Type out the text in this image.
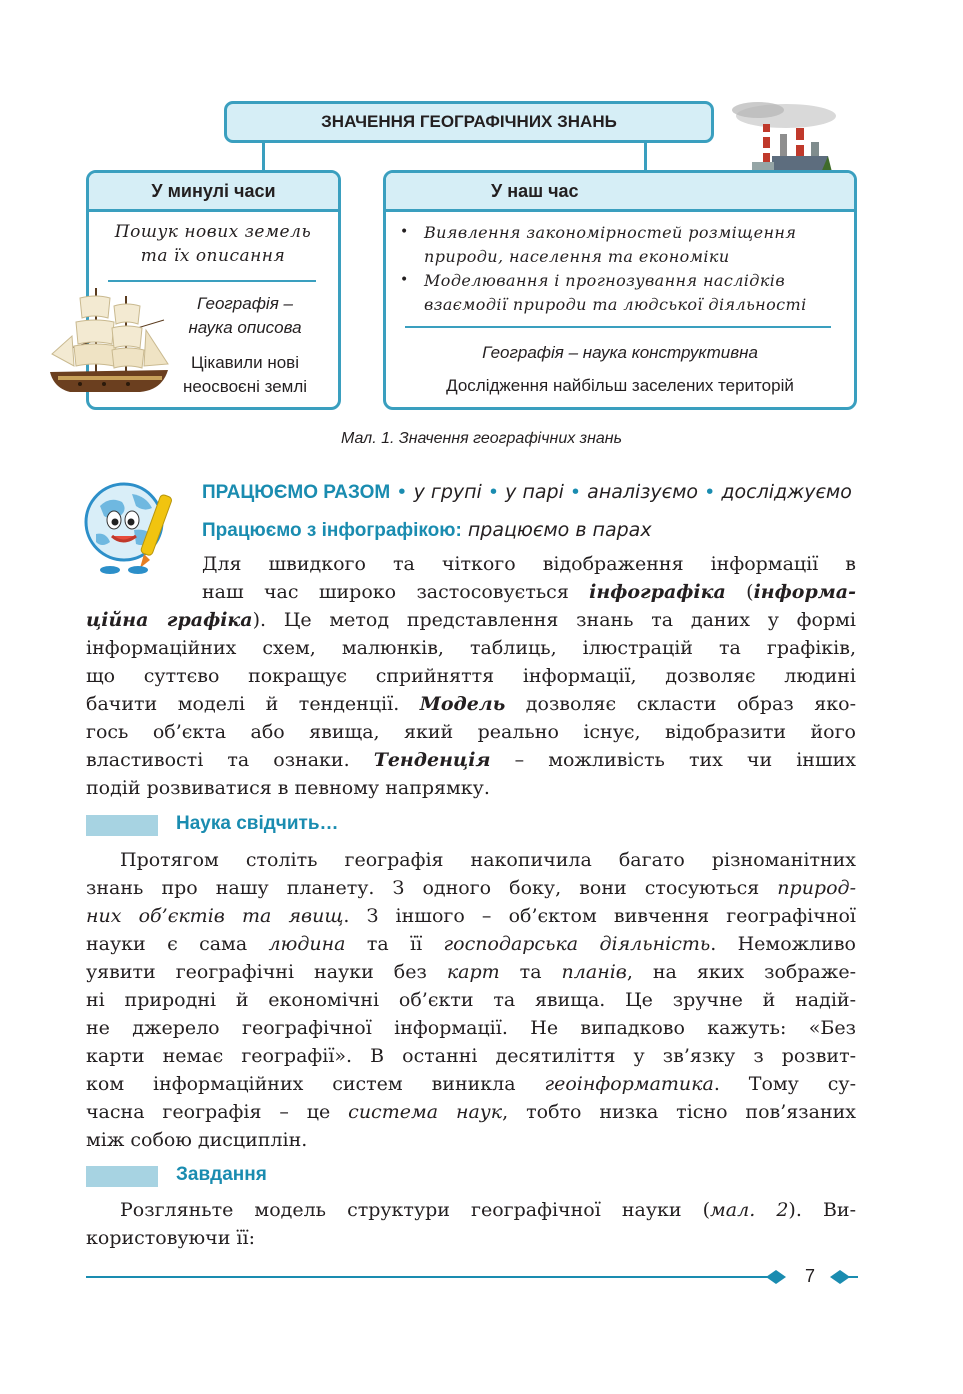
ЗНАЧЕННЯ ГЕОГРАФІЧНИХ ЗНАНЬ
У минулі часи
Пошук нових земель
та їх описання
Географія –
наука описова
Цікавили нові
неосвоєні землі
У наш час
• Виявлення закономірностей розміщення
природи, населення та економіки
• Моделювання і прогнозування наслідків
взаємодії природи та людської діяльності
Географія – наука конструктивна
Дослідження найбільш заселених територій
Мал. 1. Значення географічних знань
ПРАЦЮЄМО РАЗОМ • у групі • у парі • аналізуємо • досліджуємо
Працюємо з інфографікою: працюємо в парах
Для швидкого та чіткого відображення інформації в
наш час широко застосовується інфографіка (інформа-
ційна графіка). Це метод представлення знань та даних у формі
інформаційних схем, малюнків, таблиць, ілюстрацій та графіків,
що суттєво покращує сприйняття інформації, дозволяє людині
бачити моделі й тенденції. Модель дозволяє скласти образ яко-
гось об’єкта або явища, який реально існує, відобразити його
властивості та ознаки. Тенденція – можливість тих чи інших
подій розвиватися в певному напрямку.
Наука свідчить…
Протягом століть географія накопичила багато різноманітних
знань про нашу планету. З одного боку, вони стосуються природ-
них об’єктів та явищ. З іншого – об’єктом вивчення географічної
науки є сама людина та її господарська діяльність. Неможливо
уявити географічні науки без карт та планів, на яких зображе-
ні природні й економічні об’єкти та явища. Це зручне й надій-
не джерело географічної інформації. Не випадково кажуть: «Без
карти немає географії». В останні десятиліття у зв’язку з розвит-
ком інформаційних систем виникла геоінформатика. Тому су-
часна географія – це система наук, тобто низка тісно пов’язаних
між собою дисциплін.
Завдання
Розгляньте модель структури географічної науки (мал. 2). Ви-
користовуючи її:
7
